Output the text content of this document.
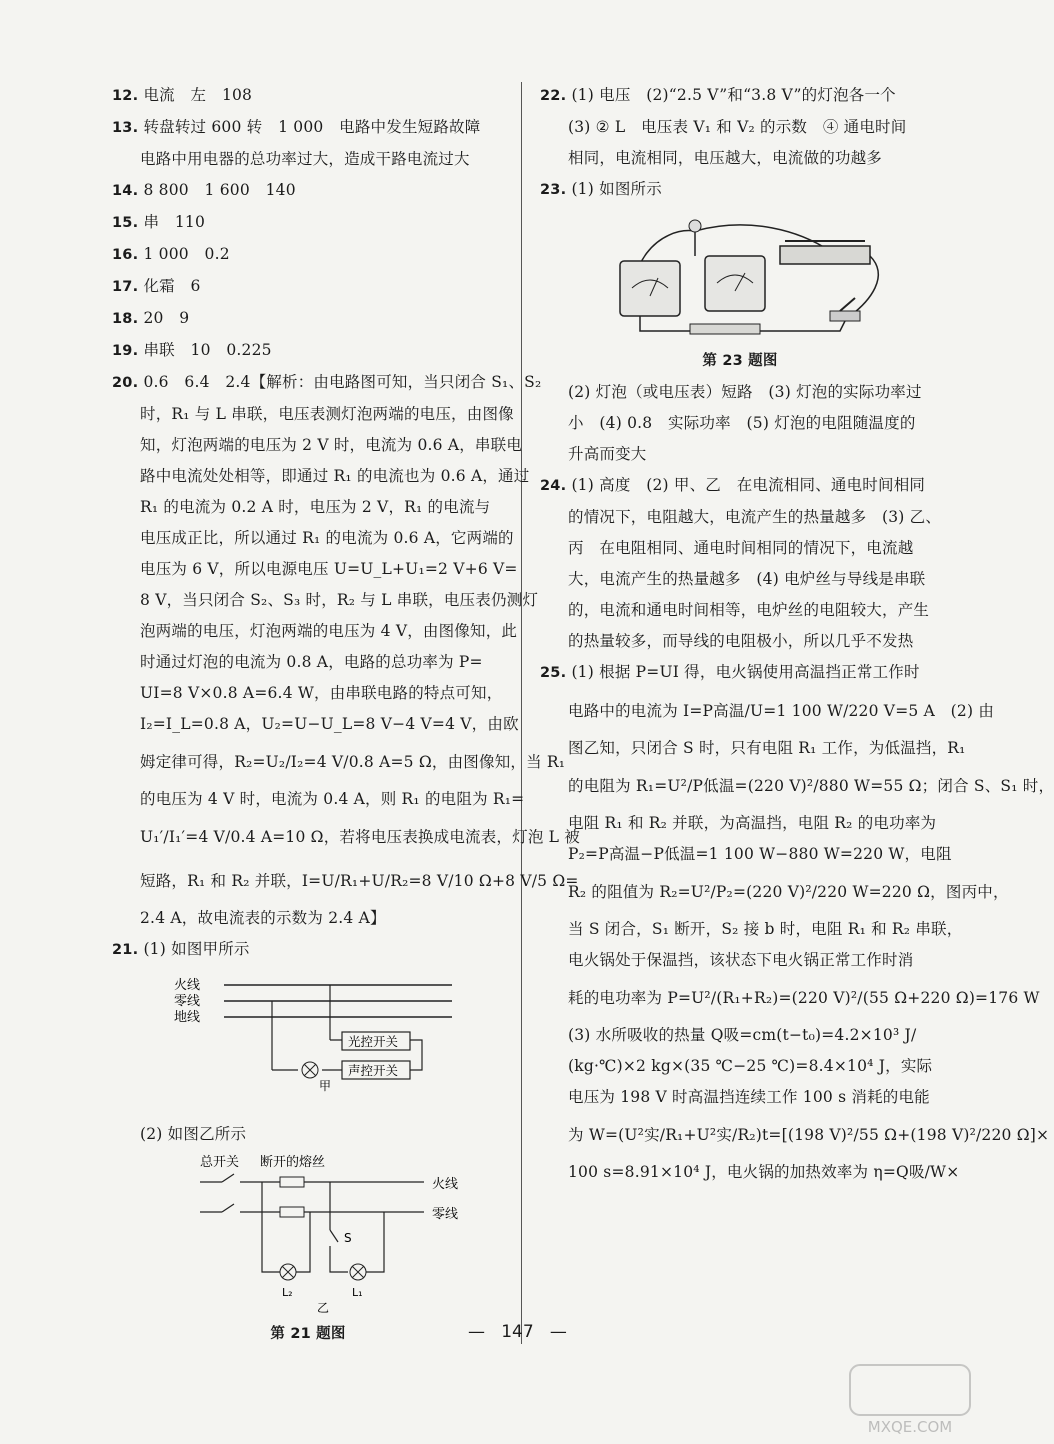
12. 电流　左　108
13. 转盘转过 600 转　1 000　电路中发生短路故障
电路中用电器的总功率过大，造成干路电流过大
14. 8 800　1 600　140
15. 串　110
16. 1 000　0.2
17. 化霜　6
18. 20　9
19. 串联　10　0.225
20. 0.6　6.4　2.4【解析：由电路图可知，当只闭合 S₁、S₂
时，R₁ 与 L 串联，电压表测灯泡两端的电压，由图像
知，灯泡两端的电压为 2 V 时，电流为 0.6 A，串联电
路中电流处处相等，即通过 R₁ 的电流也为 0.6 A，通过
R₁ 的电流为 0.2 A 时，电压为 2 V，R₁ 的电流与
电压成正比，所以通过 R₁ 的电流为 0.6 A，它两端的
电压为 6 V，所以电源电压 U=U_L+U₁=2 V+6 V=
8 V，当只闭合 S₂、S₃ 时，R₂ 与 L 串联，电压表仍测灯
泡两端的电压，灯泡两端的电压为 4 V，由图像知，此
时通过灯泡的电流为 0.8 A，电路的总功率为 P=
UI=8 V×0.8 A=6.4 W，由串联电路的特点可知，
I₂=I_L=0.8 A，U₂=U−U_L=8 V−4 V=4 V，由欧
姆定律可得，R₂=U₂/I₂=4 V/0.8 A=5 Ω，由图像知，当 R₁
的电压为 4 V 时，电流为 0.4 A，则 R₁ 的电阻为 R₁=
U₁′/I₁′=4 V/0.4 A=10 Ω，若将电压表换成电流表，灯泡 L 被
短路，R₁ 和 R₂ 并联，I=U/R₁+U/R₂=8 V/10 Ω+8 V/5 Ω=
2.4 A，故电流表的示数为 2.4 A】
21. (1) 如图甲所示
22. (1) 电压　(2)“2.5 V”和“3.8 V”的灯泡各一个
(3) ② L　电压表 V₁ 和 V₂ 的示数　④ 通电时间
相同，电流相同，电压越大，电流做的功越多
23. (1) 如图所示
第 23 题图
(2) 灯泡（或电压表）短路　(3) 灯泡的实际功率过
小　(4) 0.8　实际功率　(5) 灯泡的电阻随温度的
升高而变大
24. (1) 高度　(2) 甲、乙　在电流相同、通电时间相同
的情况下，电阻越大，电流产生的热量越多　(3) 乙、
丙　在电阻相同、通电时间相同的情况下，电流越
大，电流产生的热量越多　(4) 电炉丝与导线是串联
的，电流和通电时间相等，电炉丝的电阻较大，产生
的热量较多，而导线的电阻极小，所以几乎不发热
25. (1) 根据 P=UI 得，电火锅使用高温挡正常工作时
电路中的电流为 I=P高温/U=1 100 W/220 V=5 A　(2) 由
图乙知，只闭合 S 时，只有电阻 R₁ 工作，为低温挡，R₁
的电阻为 R₁=U²/P低温=(220 V)²/880 W=55 Ω；闭合 S、S₁ 时，
电阻 R₁ 和 R₂ 并联，为高温挡，电阻 R₂ 的电功率为
P₂=P高温−P低温=1 100 W−880 W=220 W，电阻
R₂ 的阻值为 R₂=U²/P₂=(220 V)²/220 W=220 Ω，图丙中，
当 S 闭合，S₁ 断开，S₂ 接 b 时，电阻 R₁ 和 R₂ 串联，
电火锅处于保温挡，该状态下电火锅正常工作时消
耗的电功率为 P=U²/(R₁+R₂)=(220 V)²/(55 Ω+220 Ω)=176 W
(3) 水所吸收的热量 Q吸=cm(t−t₀)=4.2×10³ J/
(kg·℃)×2 kg×(35 ℃−25 ℃)=8.4×10⁴ J，实际
电压为 198 V 时高温挡连续工作 100 s 消耗的电能
为 W=(U²实/R₁+U²实/R₂)t=[(198 V)²/55 Ω+(198 V)²/220 Ω]×
100 s=8.91×10⁴ J，电火锅的加热效率为 η=Q吸/W×
火线
零线
地线
光控开关
声控开关
甲
(2) 如图乙所示
总开关 断开的熔丝
火线
零线
S
L₂	L₁
乙
第 21 题图	— 147 —
MXQE.COM
